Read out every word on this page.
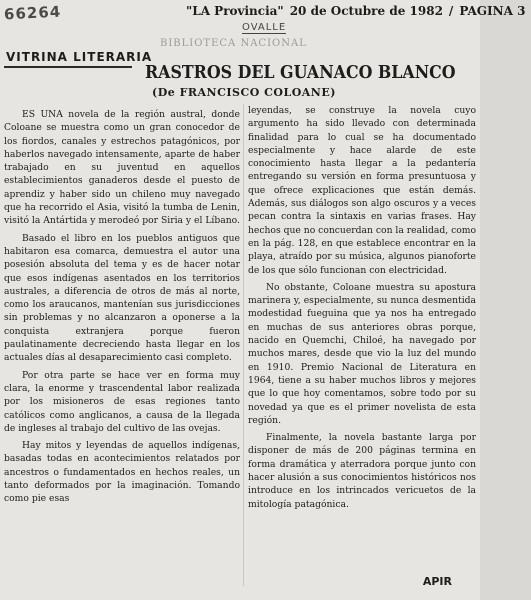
66264	"LA Provincia" 20 de Octubre de 1982 / PAGINA 3
OVALLE
BIBLIOTECA NACIONAL
VITRINA LITERARIA
RASTROS DEL GUANACO BLANCO
(De FRANCISCO COLOANE)

ES UNA novela de la región austral, donde Coloane se muestra como un gran conocedor de los fiordos, canales y estrechos patagónicos, por haberlos navegado intensamente, aparte de haber trabajado en su juventud en aquellos establecimientos ganaderos desde el puesto de aprendiz y haber sido un chileno muy navegado que ha recorrido el Asia, visitó la tumba de Lenin, visitó la Antártida y merodeó por Siria y el Líbano.

Basado el libro en los pueblos antiguos que habitaron esa comarca, demuestra el autor una posesión absoluta del tema y es de hacer notar que esos indígenas asentados en los territorios australes, a diferencia de otros de más al norte, como los araucanos, mantenían sus jurisdicciones sin problemas y no alcanzaron a oponerse a la conquista extranjera porque fueron paulatinamente decreciendo hasta llegar en los actuales días al desaparecimiento casi completo.

Por otra parte se hace ver en forma muy clara, la enorme y trascendental labor realizada por los misioneros de esas regiones tanto católicos como anglicanos, a causa de la llegada de ingleses al trabajo del cultivo de las ovejas.

Hay mitos y leyendas de aquellos indígenas, basadas todas en acontecimientos relatados por ancestros o fundamentados en hechos reales, un tanto deformados por la imaginación. Tomando como pie esas

leyendas, se construye la novela cuyo argumento ha sido llevado con determinada finalidad para lo cual se ha documentado especialmente y hace alarde de este conocimiento hasta llegar a la pedantería entregando su versión en forma presuntuosa y que ofrece explicaciones que están demás. Además, sus diálogos son algo oscuros y a veces pecan contra la sintaxis en varias frases. Hay hechos que no concuerdan con la realidad, como en la pág. 128, en que establece encontrar en la playa, atraído por su música, algunos pianoforte de los que sólo funcionan con electricidad.

No obstante, Coloane muestra su apostura marinera y, especialmente, su nunca desmentida modestidad fueguina que ya nos ha entregado en muchas de sus anteriores obras porque, nacido en Quemchi, Chiloé, ha navegado por muchos mares, desde que vio la luz del mundo en 1910. Premio Nacional de Literatura en 1964, tiene a su haber muchos libros y mejores que lo que hoy comentamos, sobre todo por su novedad ya que es el primer novelista de esta región.

Finalmente, la novela bastante larga por disponer de más de 200 páginas termina en forma dramática y aterradora porque junto con hacer alusión a sus conocimientos históricos nos introduce en los intrincados vericuetos de la mitología patagónica.

APIR
